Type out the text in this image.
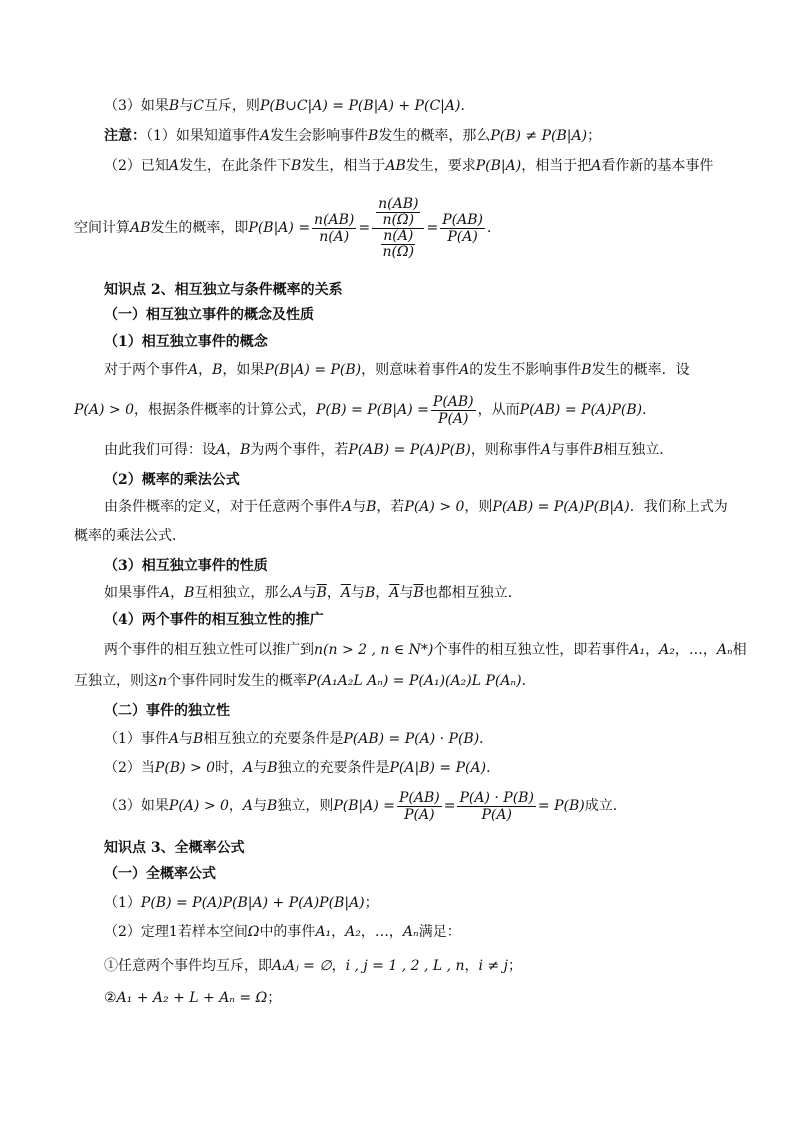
（3）如果B与C互斥，则P(B∪C|A) = P(B|A) + P(C|A)．
注意：（1）如果知道事件A发生会影响事件B发生的概率，那么P(B) ≠ P(B|A)；
（2）已知A发生，在此条件下B发生，相当于AB发生，要求P(B|A)，相当于把A看作新的基本事件
空间计算 AB 发生的概率，即 $P(B|A) = \frac{n(AB)}{n(A)} = \frac{\frac{n(AB)}{n(\Omega)}}{\frac{n(A)}{n(\Omega)}} = \frac{P(AB)}{P(A)}$ ．
知识点 2、相互独立与条件概率的关系
（一）相互独立事件的概念及性质
（1）相互独立事件的概念
对于两个事件A，B，如果P(B|A) = P(B)，则意味着事件A的发生不影响事件B发生的概率．设
P(A) > 0 ，根据条件概率的计算公式， $P(B) = P(B|A) = \frac{P(AB)}{P(A)}$ ，从而 P(AB) = P(A)P(B) ．
由此我们可得：设A，B为两个事件，若P(AB) = P(A)P(B)，则称事件A与事件B相互独立．
（2）概率的乘法公式
由条件概率的定义，对于任意两个事件A与B，若P(A) > 0，则P(AB) = P(A)P(B|A)．我们称上式为
概率的乘法公式．
（3）相互独立事件的性质
如果事件A，B互相独立，那么A与$\overline{B}$，$\overline{A}$与B，$\overline{A}$与$\overline{B}$也都相互独立．
（4）两个事件的相互独立性的推广
两个事件的相互独立性可以推广到n(n > 2 , n ∈ N*)个事件的相互独立性，即若事件A₁，A₂，…，Aₙ相
互独立，则这n个事件同时发生的概率P(A₁A₂L Aₙ) = P(A₁)(A₂)L P(Aₙ)．
（二）事件的独立性
（1）事件A与B相互独立的充要条件是P(AB) = P(A) · P(B)．
（2）当P(B) > 0时，A与B独立的充要条件是P(A|B) = P(A)．
（3）如果 P(A) > 0 ， A 与 B 独立，则 $P(B|A) = \frac{P(AB)}{P(A)} = \frac{P(A) \cdot P(B)}{P(A)} = P(B)$ 成立．
知识点 3、全概率公式
（一）全概率公式
（1）P(B) = P(A)P(B|A) + P(A)P(B|A)；
（2）定理1若样本空间Ω中的事件A₁，A₂，…，Aₙ满足：
①任意两个事件均互斥，即AᵢAⱼ = ∅，i , j = 1 , 2 , L , n，i ≠ j；
②A₁ + A₂ + L + Aₙ = Ω；
